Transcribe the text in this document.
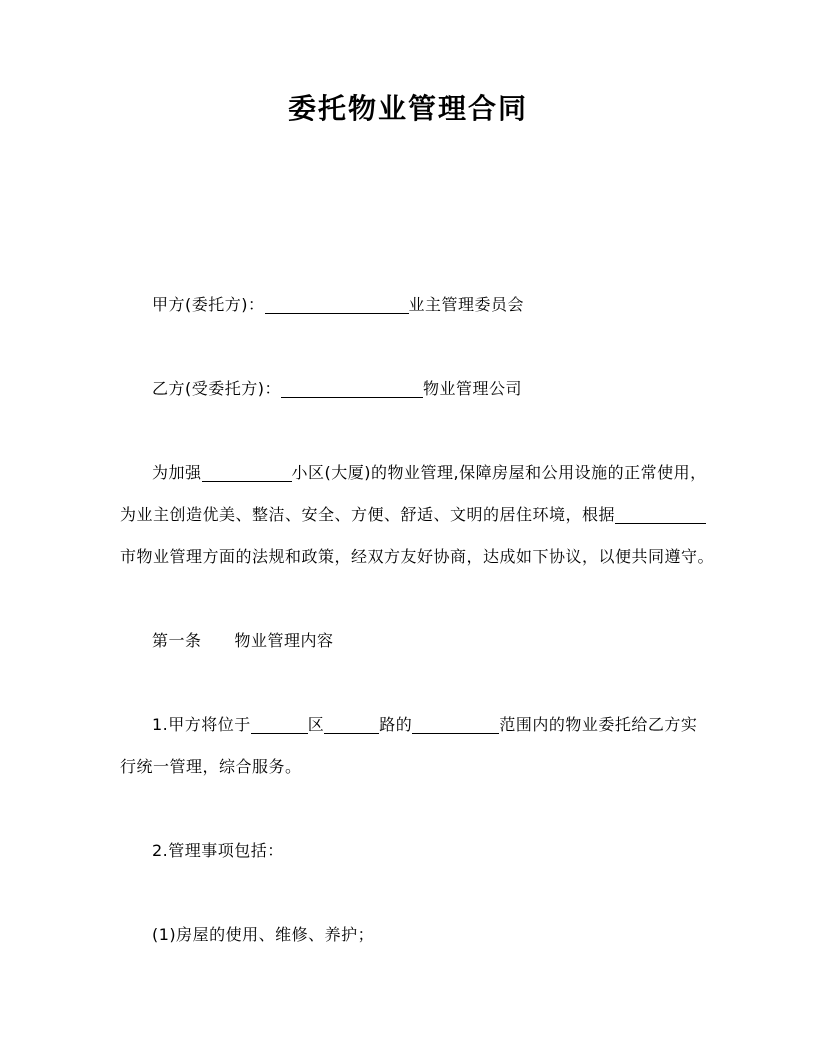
委托物业管理合同
甲方(委托方)：	业主管理委员会
乙方(受委托方)：	物业管理公司
为加强	小区(大厦)的物业管理,保障房屋和公用设施的正常使用，
为业主创造优美、整洁、安全、方便、舒适、文明的居住环境，根据
市物业管理方面的法规和政策，经双方友好协商，达成如下协议，以便共同遵守。
第一条　　物业管理内容
1.甲方将位于	区	路的	范围内的物业委托给乙方实
行统一管理，综合服务。
2.管理事项包括：
(1)房屋的使用、维修、养护；
